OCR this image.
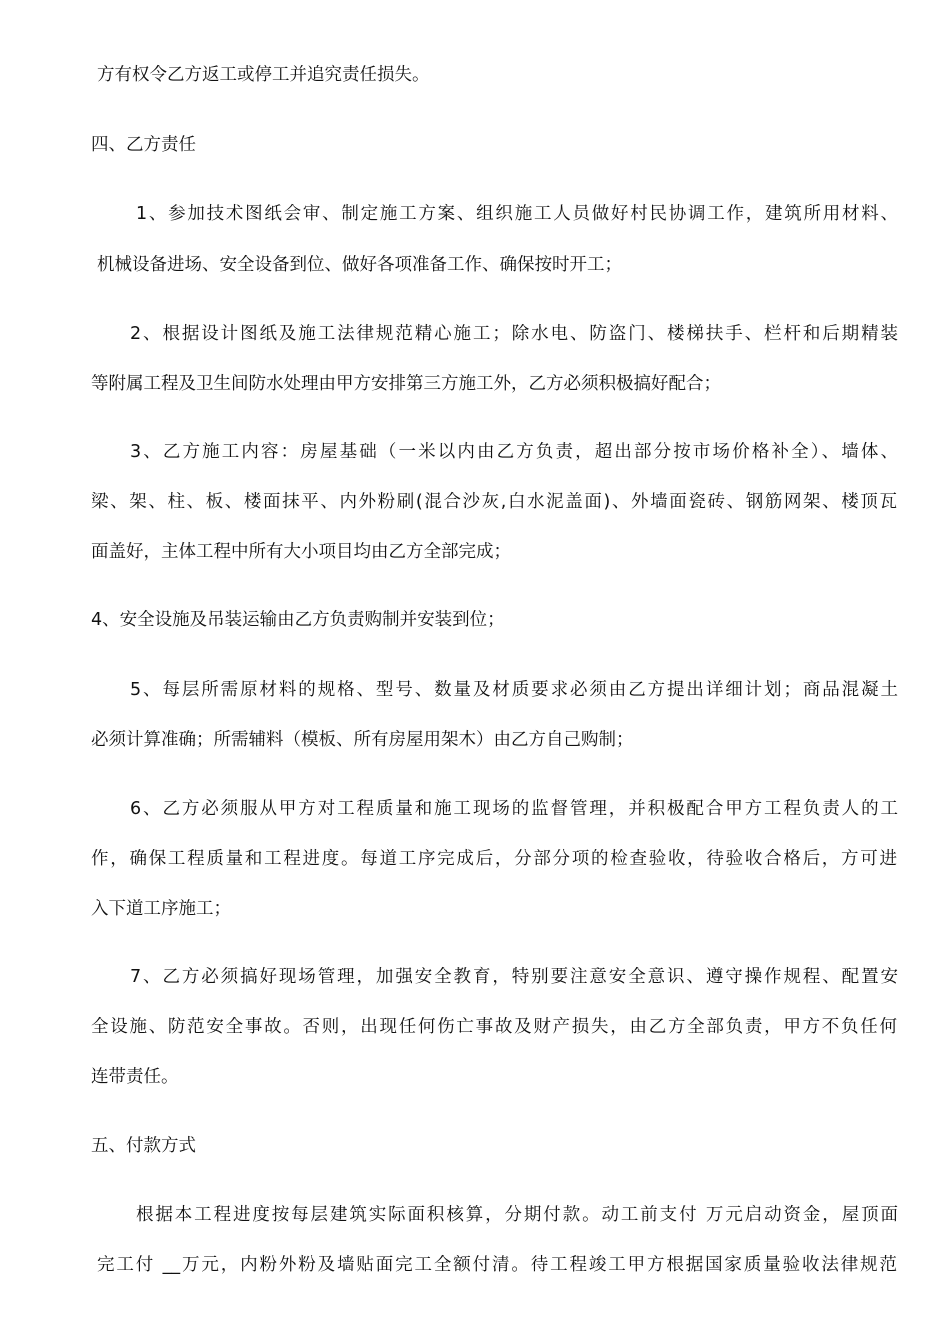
方有权令乙方返工或停工并追究责任损失。
四、乙方责任
1、参加技术图纸会审、制定施工方案、组织施工人员做好村民协调工作，建筑所用材料、
机械设备进场、安全设备到位、做好各项准备工作、确保按时开工；
2、根据设计图纸及施工法律规范精心施工；除水电、防盗门、楼梯扶手、栏杆和后期精装
等附属工程及卫生间防水处理由甲方安排第三方施工外，乙方必须积极搞好配合；
3、乙方施工内容：房屋基础（一米以内由乙方负责，超出部分按市场价格补全）、墙体、
梁、架、柱、板、楼面抹平、内外粉刷(混合沙灰,白水泥盖面)、外墙面瓷砖、钢筋网架、楼顶瓦
面盖好，主体工程中所有大小项目均由乙方全部完成；
4、安全设施及吊装运输由乙方负责购制并安装到位；
5、每层所需原材料的规格、型号、数量及材质要求必须由乙方提出详细计划；商品混凝土
必须计算准确；所需辅料（模板、所有房屋用架木）由乙方自己购制；
6、乙方必须服从甲方对工程质量和施工现场的监督管理，并积极配合甲方工程负责人的工
作，确保工程质量和工程进度。每道工序完成后，分部分项的检查验收，待验收合格后，方可进
入下道工序施工；
7、乙方必须搞好现场管理，加强安全教育，特别要注意安全意识、遵守操作规程、配置安
全设施、防范安全事故。否则，出现任何伤亡事故及财产损失，由乙方全部负责，甲方不负任何
连带责任。
五、付款方式
根据本工程进度按每层建筑实际面积核算，分期付款。动工前支付 万元启动资金，屋顶面
完工付 __万元，内粉外粉及墙贴面完工全额付清。待工程竣工甲方根据国家质量验收法律规范
